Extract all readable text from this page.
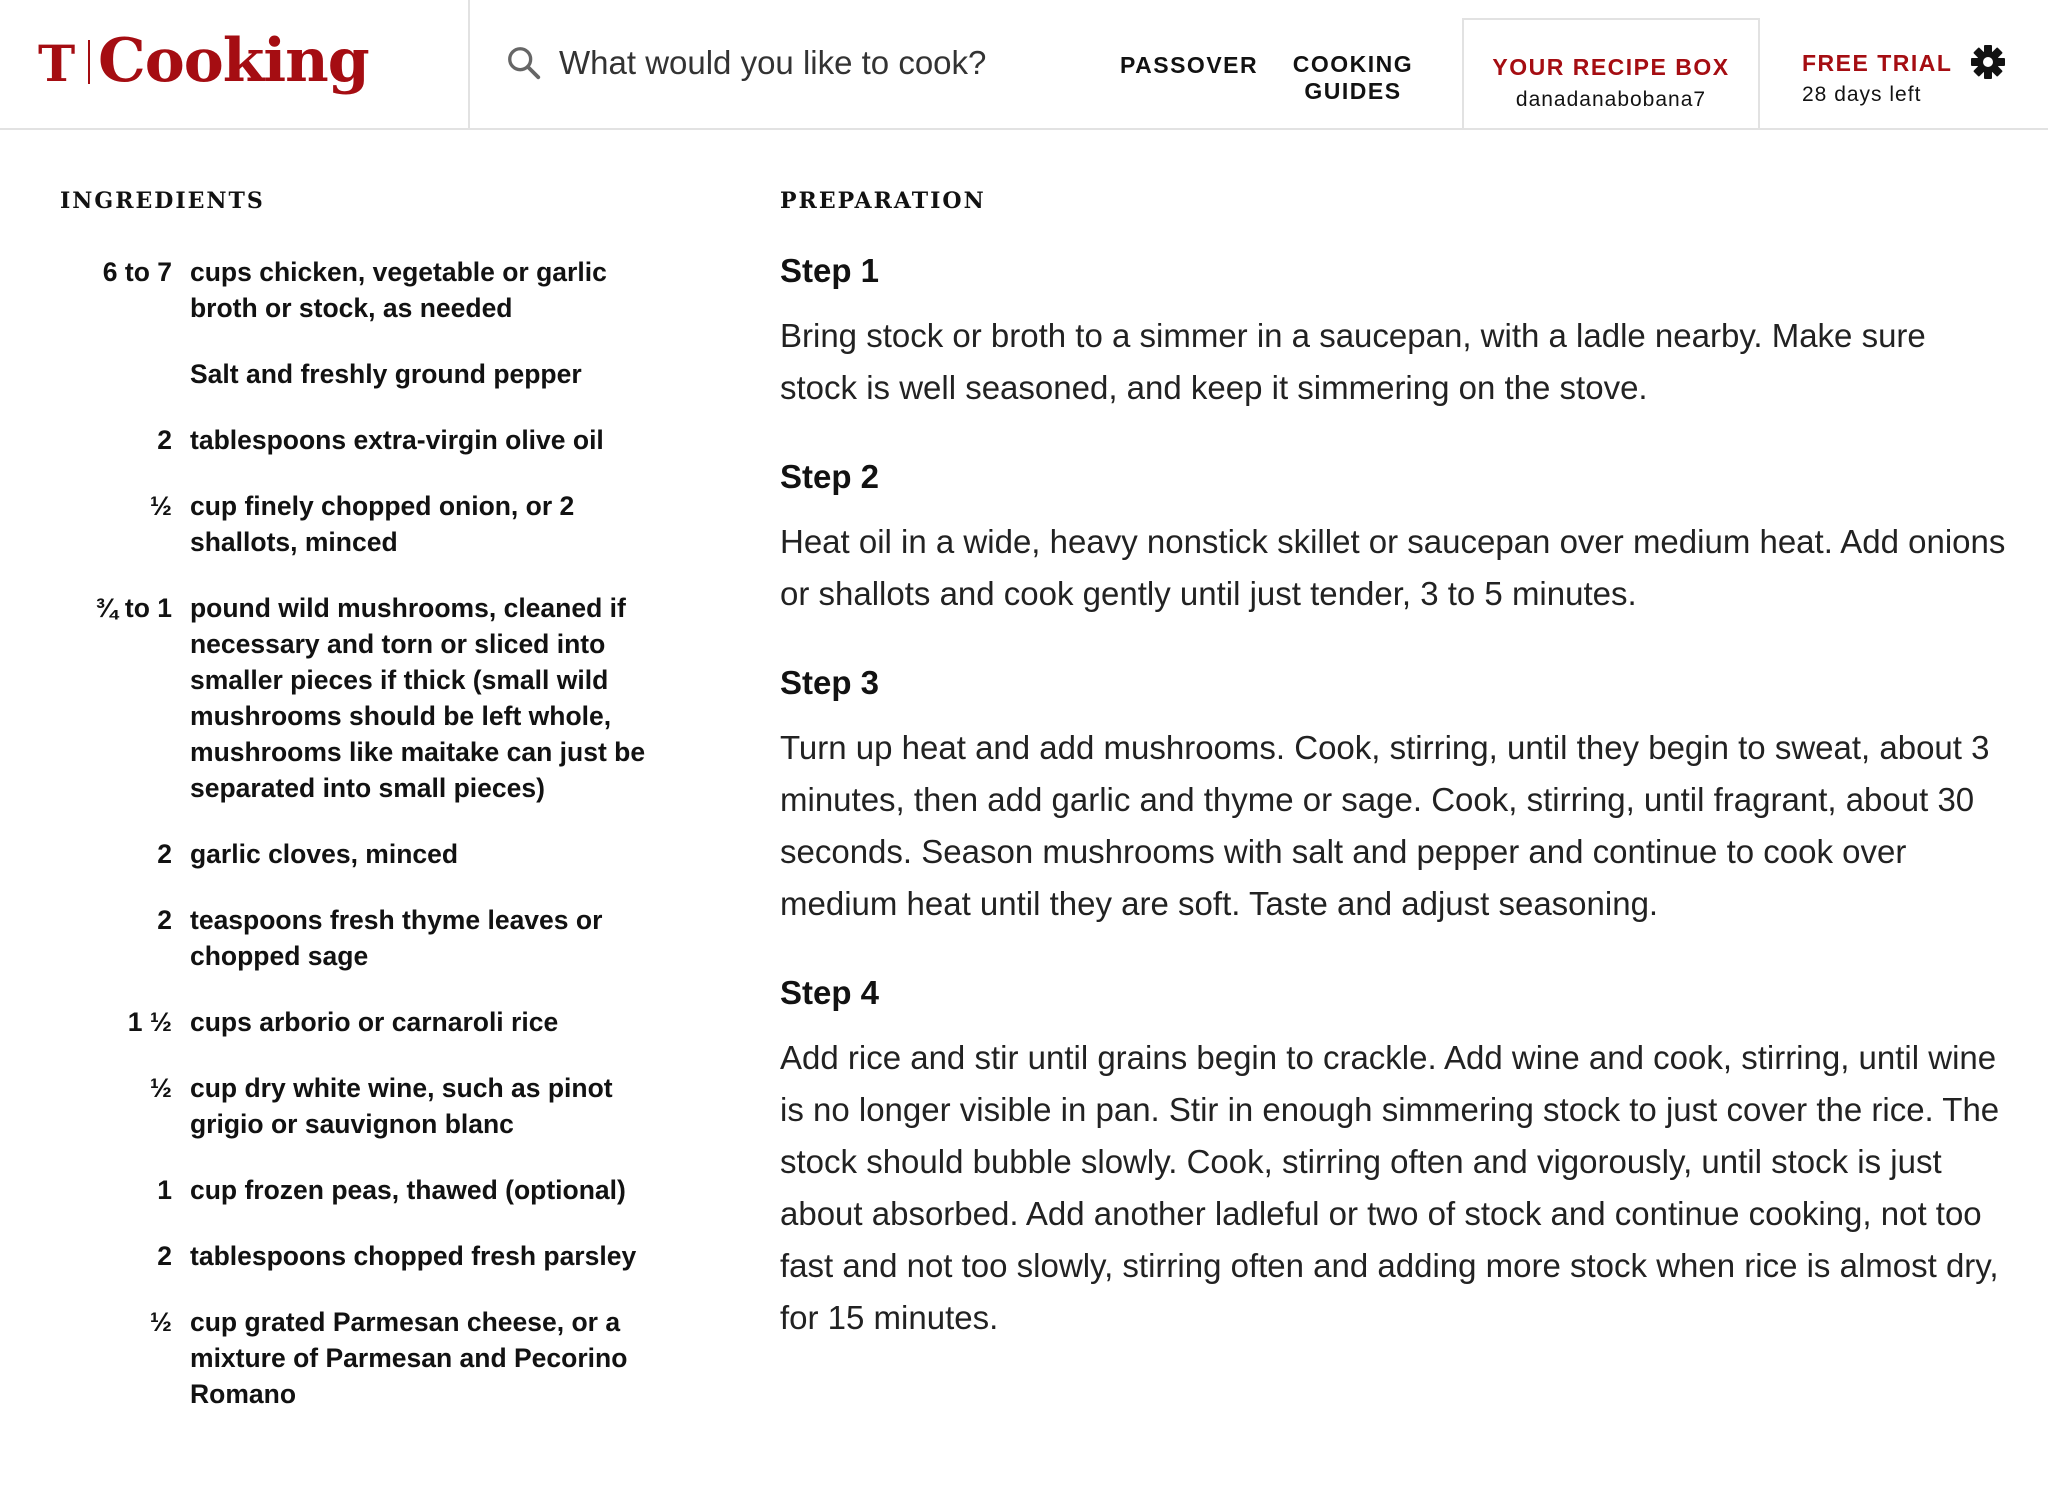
T Cooking
What would you like to cook?	PASSOVER COOKING
GUIDES
YOUR RECIPE BOX
danadanabobana7
FREE TRIAL
28 days left
INGREDIENTS
6 to 7 cups chicken, vegetable or garlic broth or stock, as needed
Salt and freshly ground pepper
2 tablespoons extra-virgin olive oil
½ cup finely chopped onion, or 2 shallots, minced
¾ to 1 pound wild mushrooms, cleaned if necessary and torn or sliced into smaller pieces if thick (small wild mushrooms should be left whole, mushrooms like maitake can just be separated into small pieces)
2 garlic cloves, minced
2 teaspoons fresh thyme leaves or chopped sage
1 ½ cups arborio or carnaroli rice
½ cup dry white wine, such as pinot grigio or sauvignon blanc
1 cup frozen peas, thawed (optional)
2 tablespoons chopped fresh parsley
½ cup grated Parmesan cheese, or a mixture of Parmesan and Pecorino Romano
PREPARATION
Step 1

Bring stock or broth to a simmer in a saucepan, with a ladle nearby. Make sure stock is well seasoned, and keep it simmering on the stove.

Step 2

Heat oil in a wide, heavy nonstick skillet or saucepan over medium heat. Add onions or shallots and cook gently until just tender, 3 to 5 minutes.

Step 3

Turn up heat and add mushrooms. Cook, stirring, until they begin to sweat, about 3 minutes, then add garlic and thyme or sage. Cook, stirring, until fragrant, about 30 seconds. Season mushrooms with salt and pepper and continue to cook over medium heat until they are soft. Taste and adjust seasoning.

Step 4

Add rice and stir until grains begin to crackle. Add wine and cook, stirring, until wine is no longer visible in pan. Stir in enough simmering stock to just cover the rice. The stock should bubble slowly. Cook, stirring often and vigorously, until stock is just about absorbed. Add another ladleful or two of stock and continue cooking, not too fast and not too slowly, stirring often and adding more stock when rice is almost dry, for 15 minutes.
